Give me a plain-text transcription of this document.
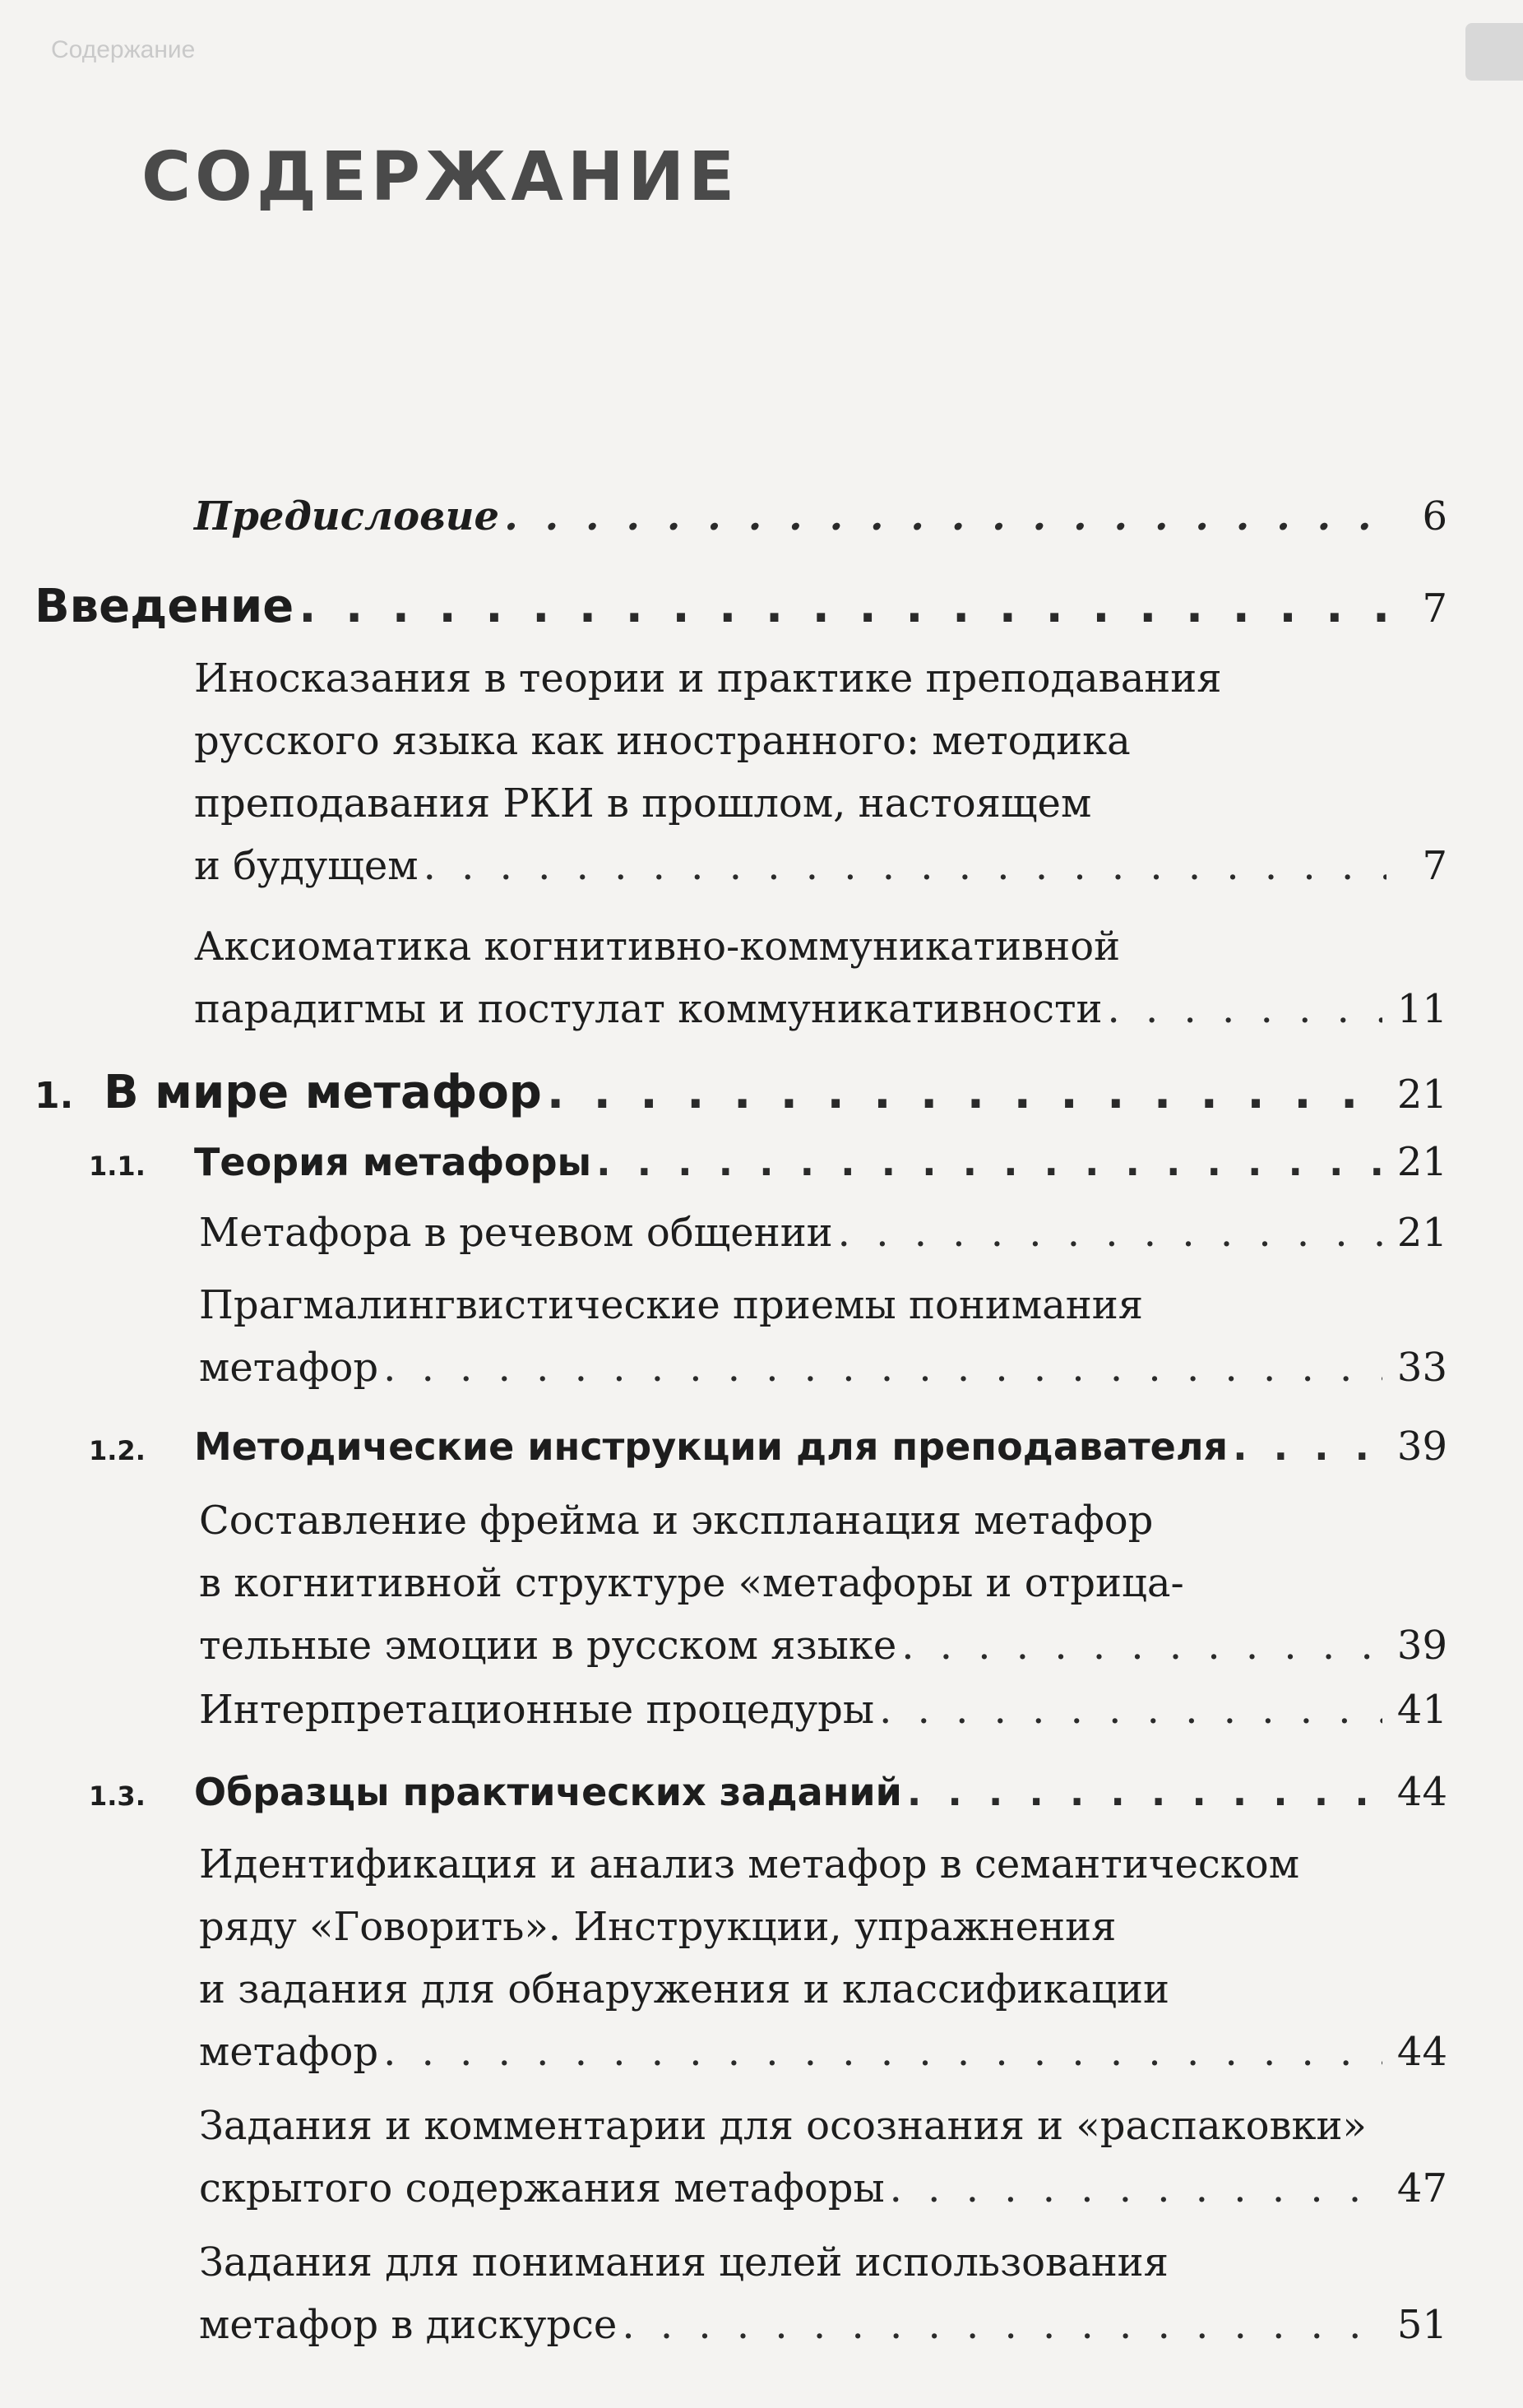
Содержание
СОДЕРЖАНИЕ
Предисловие . . .	6
Введение . . .	7
Иносказания в теории и практике преподавания
русского языка как иностранного: методика
преподавания РКИ в прошлом, настоящем
и будущем . . .	7
Аксиоматика когнитивно-коммуникативной
парадигмы и постулат коммуникативности . . .	11
1. В мире метафор . . .	21
1.1. Теория метафоры . . .	21
Метафора в речевом общении . . .	21
Прагмалингвистические приемы понимания
метафор . . .	33
1.2. Методические инструкции для преподавателя . . .	39
Составление фрейма и экспланация метафор
в когнитивной структуре «метафоры и отрица-
тельные эмоции в русском языке . . .	39
Интерпретационные процедуры . . .	41
1.3. Образцы практических заданий . . .	44
Идентификация и анализ метафор в семантическом
ряду «Говорить». Инструкции, упражнения
и задания для обнаружения и классификации
метафор . . .	44
Задания и комментарии для осознания и «распаковки»
скрытого содержания метафоры . . .	47
Задания для понимания целей использования
метафор в дискурсе . . .	51
